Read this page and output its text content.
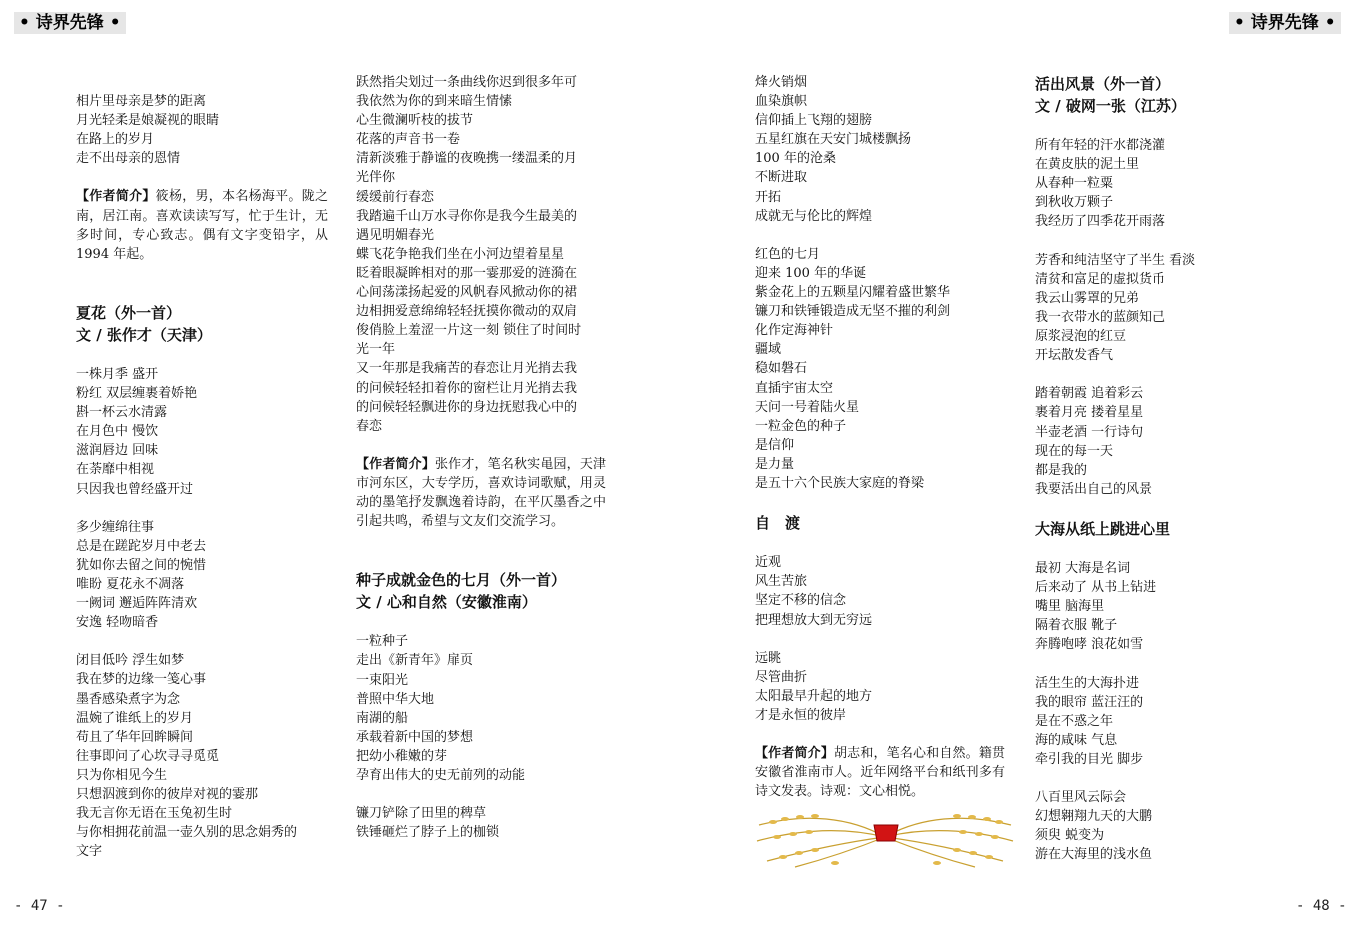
• 诗界先锋 •	• 诗界先锋 •
相片里母亲是梦的距离
月光轻柔是娘凝视的眼睛
在路上的岁月
走不出母亲的恩情
【作者简介】筱杨，男，本名杨海平。陇之南，居江南。喜欢读读写写，忙于生计，无多时间，专心致志。偶有文字变铅字，从 1994 年起。
夏花（外一首）
文 / 张作才（天津）
一株月季 盛开
粉红 双层缠裹着娇艳
斟一杯云水清露
在月色中 慢饮
滋润唇边 回味
在荼靡中相视
只因我也曾经盛开过
多少缠绵往事
总是在蹉跎岁月中老去
犹如你去留之间的惋惜
唯盼 夏花永不凋落
一阙词 邂逅阵阵清欢
安逸 轻吻暗香
闭目低吟 浮生如梦
我在梦的边缘一笺心事
墨香感染煮字为念
温婉了谁纸上的岁月
苟且了华年回眸瞬间
往事即问了心坎寻寻觅觅
只为你相见今生
只想泅渡到你的彼岸对视的霎那
我无言你无语在玉兔初生时
与你相拥花前温一壶久别的思念娟秀的
文字
跃然指尖划过一条曲线你迟到很多年可
我依然为你的到来暗生情愫
心生微澜听枝的拔节
花落的声音书一卷
清新淡雅于静谧的夜晚携一缕温柔的月
光伴你
缓缓前行春恋
我踏遍千山万水寻你你是我今生最美的
遇见明媚春光
蝶飞花争艳我们坐在小河边望着星星
眨着眼凝眸相对的那一霎那爱的涟漪在
心间荡漾扬起爱的风帆春风掀动你的裙
边相拥爱意绵绵轻轻抚摸你微动的双肩
俊俏脸上羞涩一片这一刻 锁住了时间时
光一年
又一年那是我痛苦的春恋让月光捎去我
的问候轻轻扣着你的窗栏让月光捎去我
的问候轻轻飘进你的身边抚慰我心中的
春恋
【作者简介】张作才，笔名秋实黾园，天津市河东区，大专学历，喜欢诗词歌赋，用灵动的墨笔抒发飘逸着诗韵，在平仄墨香之中引起共鸣，希望与文友们交流学习。
种子成就金色的七月（外一首）
文 / 心和自然（安徽淮南）
一粒种子
走出《新青年》扉页
一束阳光
普照中华大地
南湖的船
承载着新中国的梦想
把幼小稚嫩的芽
孕育出伟大的史无前列的动能
镰刀铲除了田里的稗草
铁锤砸烂了脖子上的枷锁
烽火销烟
血染旗帜
信仰插上飞翔的翅膀
五星红旗在天安门城楼飘扬
100 年的沧桑
不断进取
开拓
成就无与伦比的辉煌
红色的七月
迎来 100 年的华诞
紫金花上的五颗星闪耀着盛世繁华
镰刀和铁锤锻造成无坚不摧的利剑
化作定海神针
疆域
稳如磐石
直插宇宙太空
天问一号着陆火星
一粒金色的种子
是信仰
是力量
是五十六个民族大家庭的脊梁
自　渡
近观
风生苦旅
坚定不移的信念
把理想放大到无穷远
远眺
尽管曲折
太阳最早升起的地方
才是永恒的彼岸
【作者简介】胡志和，笔名心和自然。籍贯安徽省淮南市人。近年网络平台和纸刊多有诗文发表。诗观：文心相悦。
活出风景（外一首）
文 / 破网一张（江苏）
所有年轻的汗水都浇灌
在黄皮肤的泥土里
从春种一粒粟
到秋收万颗子
我经历了四季花开雨落
芳香和纯洁坚守了半生 看淡
清贫和富足的虚拟货币
我云山雾罩的兄弟
我一衣带水的蓝颜知己
原浆浸泡的红豆
开坛散发香气
踏着朝霞 追着彩云
裹着月亮 搂着星星
半壶老酒 一行诗句
现在的每一天
都是我的
我要活出自己的风景
大海从纸上跳进心里
最初 大海是名词
后来动了 从书上钻进
嘴里 脑海里
隔着衣服 靴子
奔腾咆哮 浪花如雪
活生生的大海扑进
我的眼帘 蓝汪汪的
是在不惑之年
海的咸味 气息
牵引我的目光 脚步
八百里风云际会
幻想翱翔九天的大鹏
须臾 蜕变为
游在大海里的浅水鱼
- 47 -	- 48 -
